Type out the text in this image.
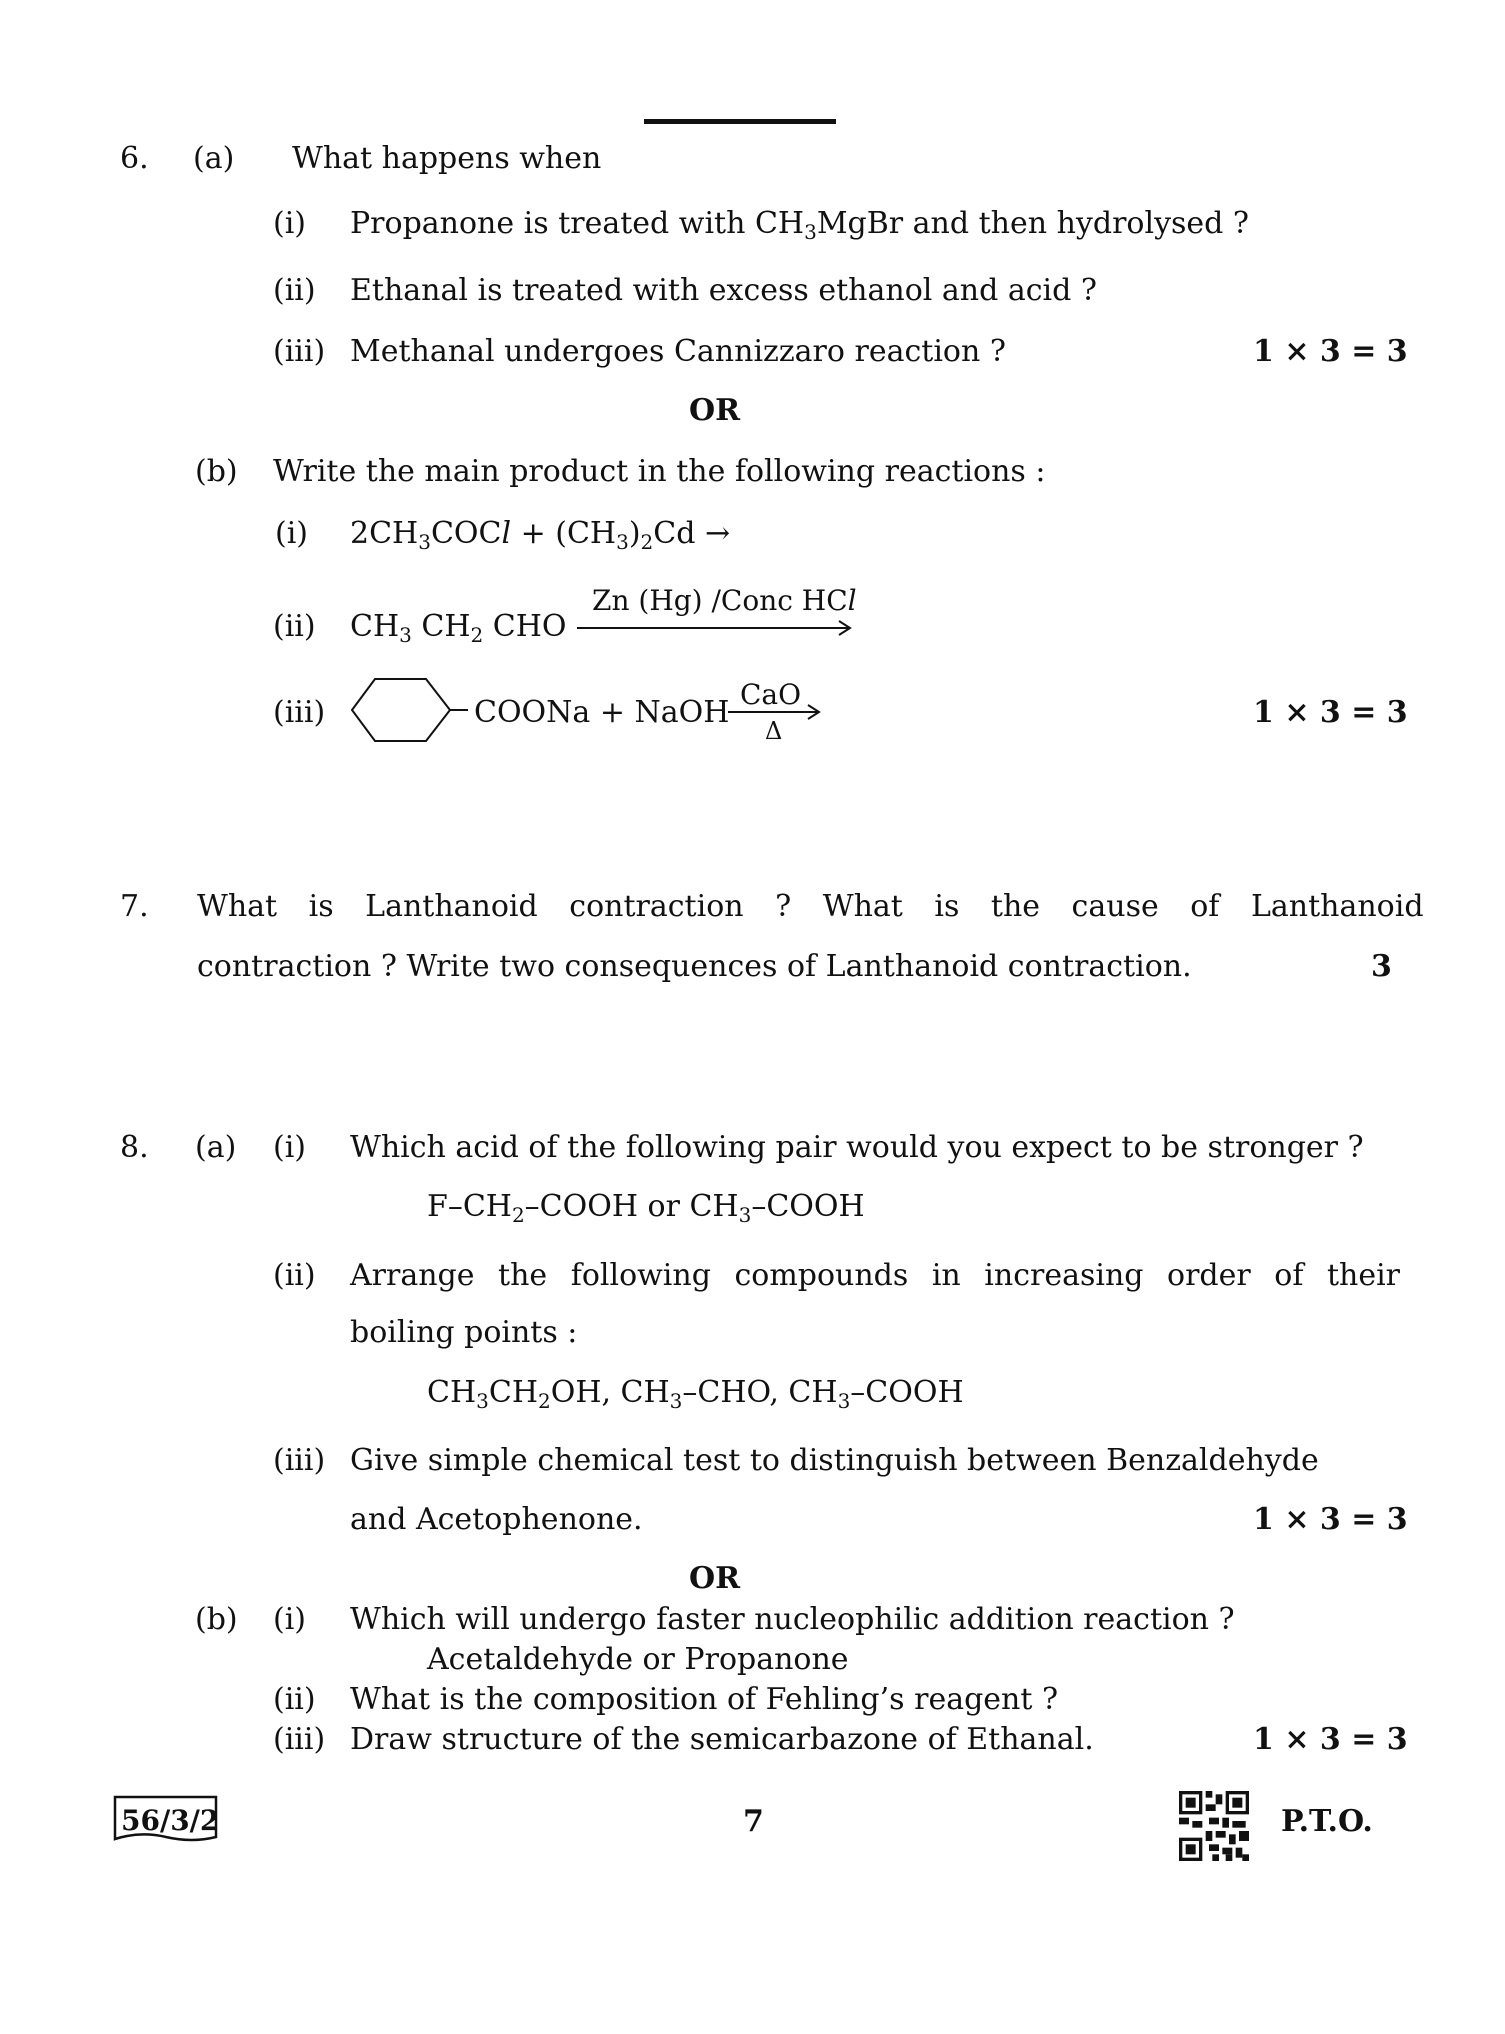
6. (a) What happens when
(i) Propanone is treated with $CH_3MgBr$ and then hydrolysed ?
(ii) Ethanal is treated with excess ethanol and acid ?
(iii) Methanal undergoes Cannizzaro reaction ?	1 × 3 = 3
OR
(b) Write the main product in the following reactions :
(i) $2CH_3COCl + (CH_3)_2Cd$ →
(ii) $CH_3$ $CH_2$ CHO
Zn (Hg) /Conc HCl
(iii)	COONa + NaOH
CaO
Δ
1 × 3 = 3
7. What is Lanthanoid contraction ? What is the cause of Lanthanoid
contraction ? Write two consequences of Lanthanoid contraction.	3
8. (a) (i) Which acid of the following pair would you expect to be stronger ?
$F-CH_2$–COOH or $CH_3$–COOH
(ii) Arrange the following compounds in increasing order of their
boiling points :
$CH_3CH_2OH$, $CH_3$–CHO, $CH_3$–COOH
(iii) Give simple chemical test to distinguish between Benzaldehyde
and Acetophenone.	1 × 3 = 3
OR
(b) (i) Which will undergo faster nucleophilic addition reaction ?
Acetaldehyde or Propanone
(ii) What is the composition of Fehling’s reagent ?
(iii) Draw structure of the semicarbazone of Ethanal.	1 × 3 = 3
56/3/2	7	P.T.O.
